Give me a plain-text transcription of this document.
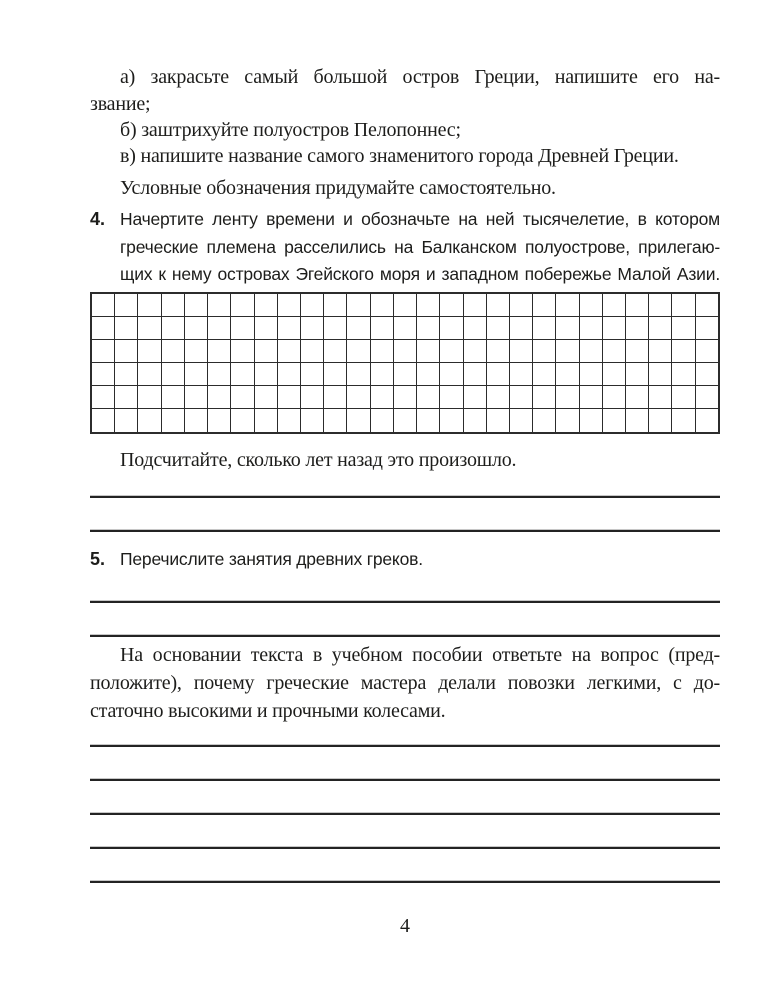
а) закрасьте самый большой остров Греции, напишите его на-
звание;
б) заштрихуйте полуостров Пелопоннес;
в) напишите название самого знаменитого города Древней Греции.
Условные обозначения придумайте самостоятельно.
4. Начертите ленту времени и обозначьте на ней тысячелетие, в котором
греческие племена расселились на Балканском полуострове, прилегаю-
щих к нему островах Эгейского моря и западном побережье Малой Азии.
Подсчитайте, сколько лет назад это произошло.
5. Перечислите занятия древних греков.
На основании текста в учебном пособии ответьте на вопрос (пред-
положите), почему греческие мастера делали повозки легкими, с до-
статочно высокими и прочными колесами.
4
